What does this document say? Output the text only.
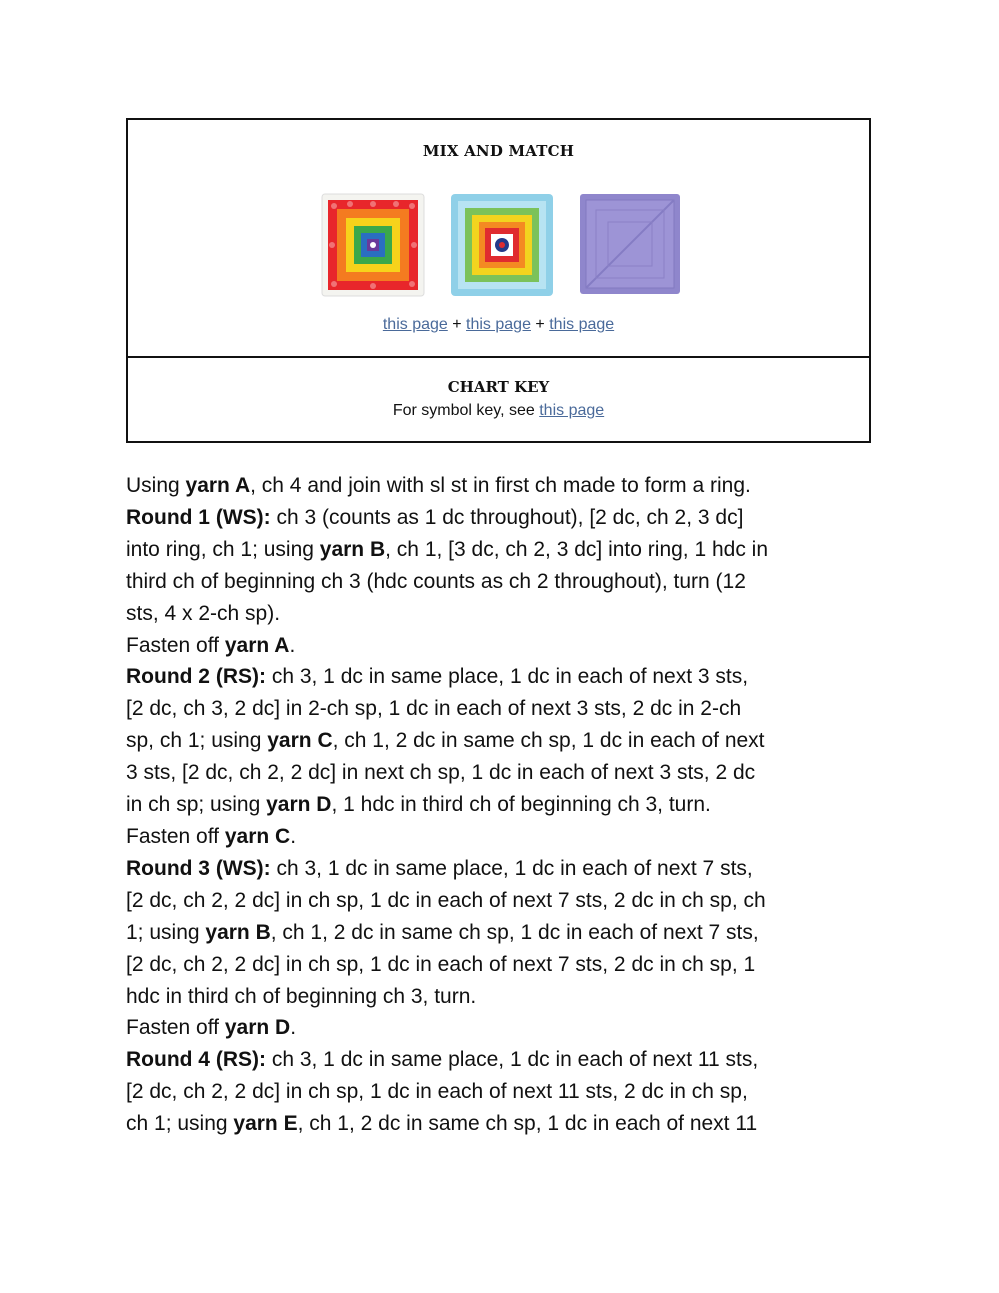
MIX AND MATCH
this page + this page + this page
CHART KEY
For symbol key, see this page

Using yarn A, ch 4 and join with sl st in first ch made to form a ring.

Round 1 (WS): ch 3 (counts as 1 dc throughout), [2 dc, ch 2, 3 dc]
into ring, ch 1; using yarn B, ch 1, [3 dc, ch 2, 3 dc] into ring, 1 hdc in
third ch of beginning ch 3 (hdc counts as ch 2 throughout), turn (12
sts, 4 x 2-ch sp).

Fasten off yarn A.

Round 2 (RS): ch 3, 1 dc in same place, 1 dc in each of next 3 sts,
[2 dc, ch 3, 2 dc] in 2-ch sp, 1 dc in each of next 3 sts, 2 dc in 2-ch
sp, ch 1; using yarn C, ch 1, 2 dc in same ch sp, 1 dc in each of next
3 sts, [2 dc, ch 2, 2 dc] in next ch sp, 1 dc in each of next 3 sts, 2 dc
in ch sp; using yarn D, 1 hdc in third ch of beginning ch 3, turn.

Fasten off yarn C.

Round 3 (WS): ch 3, 1 dc in same place, 1 dc in each of next 7 sts,
[2 dc, ch 2, 2 dc] in ch sp, 1 dc in each of next 7 sts, 2 dc in ch sp, ch
1; using yarn B, ch 1, 2 dc in same ch sp, 1 dc in each of next 7 sts,
[2 dc, ch 2, 2 dc] in ch sp, 1 dc in each of next 7 sts, 2 dc in ch sp, 1
hdc in third ch of beginning ch 3, turn.

Fasten off yarn D.

Round 4 (RS): ch 3, 1 dc in same place, 1 dc in each of next 11 sts,
[2 dc, ch 2, 2 dc] in ch sp, 1 dc in each of next 11 sts, 2 dc in ch sp,
ch 1; using yarn E, ch 1, 2 dc in same ch sp, 1 dc in each of next 11
